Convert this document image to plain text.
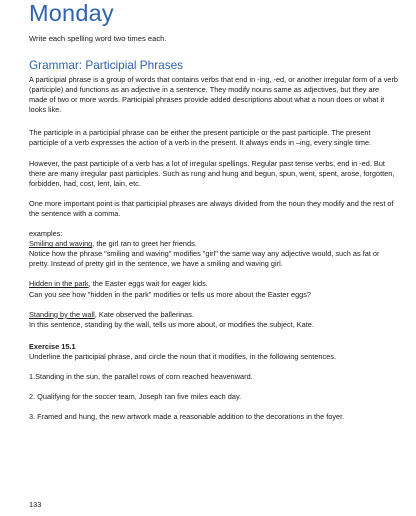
Monday

Write each spelling word two times each.

Grammar: Participial Phrases

A participial phrase is a group of words that contains verbs that end in -ing, -ed, or another irregular form of a verb (participle) and functions as an adjective in a sentence. They modify nouns same as adjectives, but they are made of two or more words. Participial phrases provide added descriptions about what a noun does or what it looks like.

The participle in a participial phrase can be either the present participle or the past participle. The present participle of a verb expresses the action of a verb in the present. It always ends in –ing, every single time.

However, the past participle of a verb has a lot of irregular spellings. Regular past tense verbs, end in -ed. But there are many irregular past participles. Such as rung and hung and begun, spun, went, spent, arose, forgotten, forbidden, had, cost, lent, lain, etc.

One more important point is that participial phrases are always divided from the noun they modify and the rest of the sentence with a comma.

examples:

Smiling and waving, the girl ran to greet her friends.

Notice how the phrase "smiling and waving" modifies "girl" the same way any adjective would, such as fat or pretty. Instead of pretty girl in the sentence, we have a smiling and waving girl.

Hidden in the park, the Easter eggs wait for eager kids.

Can you see how "hidden in the park" modifies or tells us more about the Easter eggs?

Standing by the wall, Kate observed the ballerinas.

In this sentence, standing by the wall, tells us more about, or modifies the subject, Kate.

Exercise 15.1

Underline the participial phrase, and circle the noun that it modifies, in the following sentences.

1.Standing in the sun, the parallel rows of corn reached heavenward.

2. Qualifying for the soccer team, Joseph ran five miles each day.

3. Framed and hung, the new artwork made a reasonable addition to the decorations in the foyer.

133
